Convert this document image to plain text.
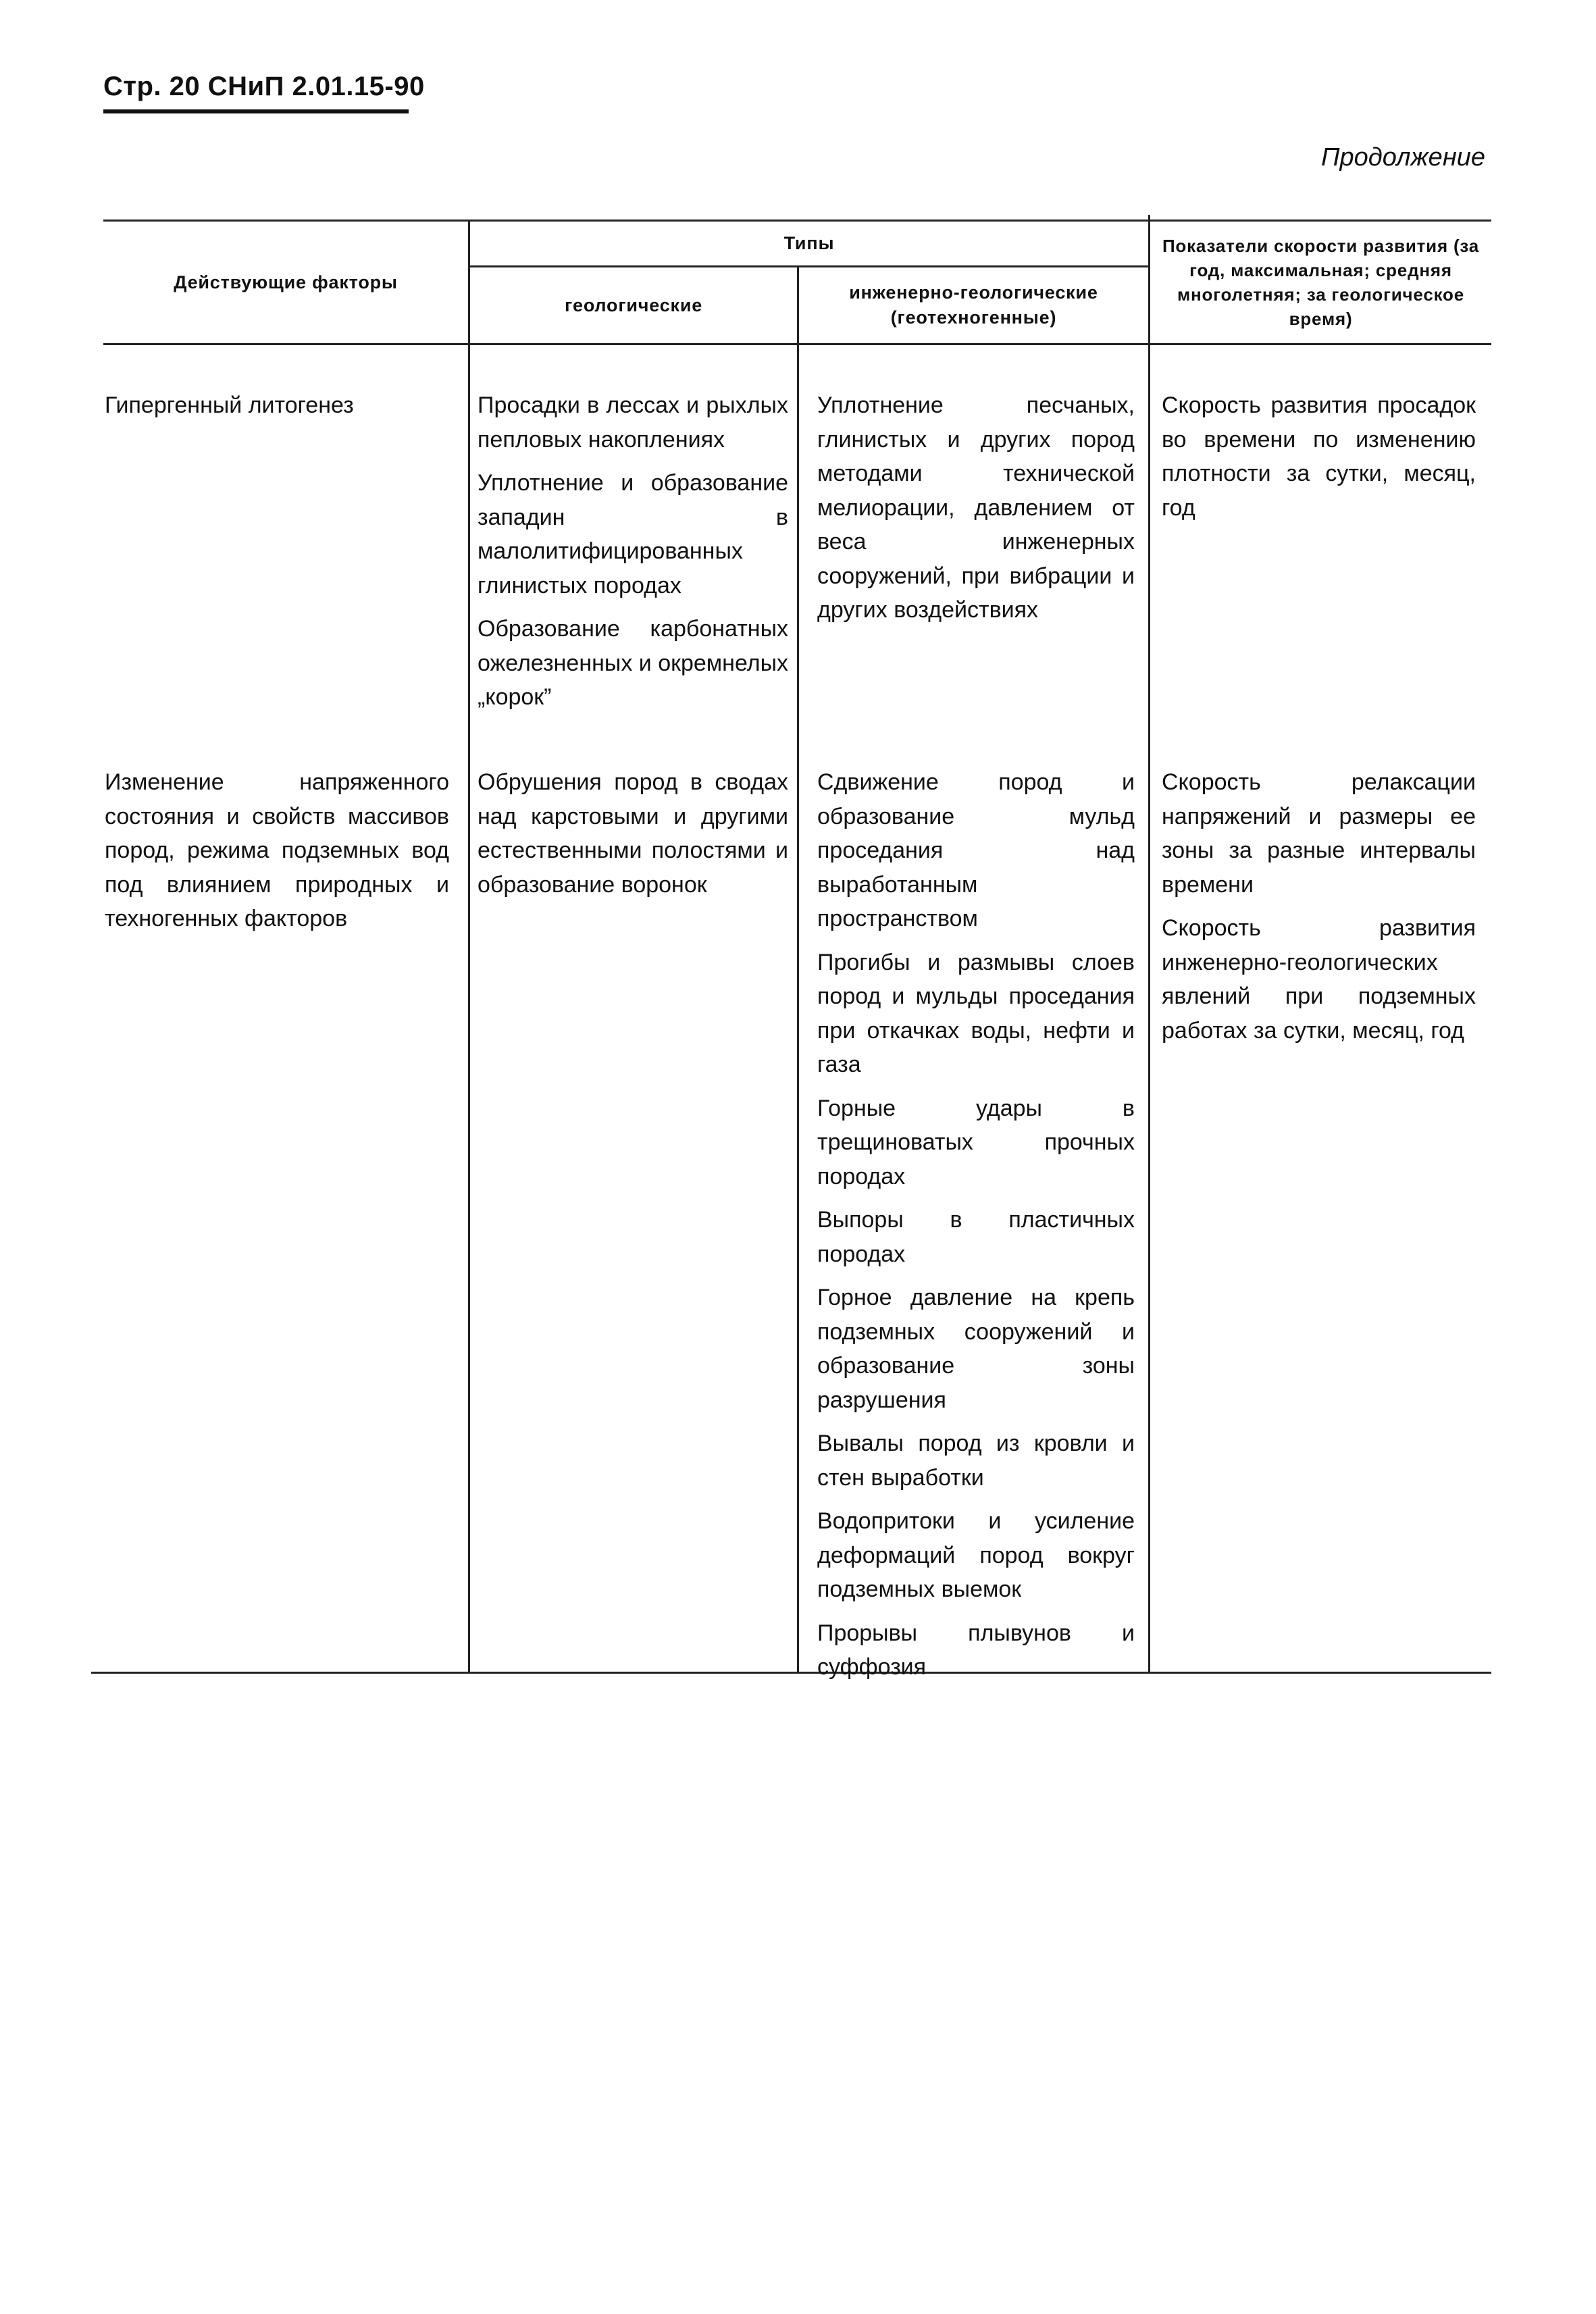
Стр. 20 СНиП 2.01.15-90
Продолжение
Действующие факторы
Типы
геологические
инженерно-геологические (геотехногенные)
Показатели скорости развития (за год, максимальная; средняя многолетняя; за геологическое время)
Гипергенный литогенез
Изменение напряженного состояния и свойств массивов пород, режима подземных вод под влиянием природных и техногенных факторов
Просадки в лессах и рыхлых пепловых накоплениях
Уплотнение и образование западин в малолитифицированных глинистых породах
Образование карбонатных ожелезненных и окремнелых „корок”
Обрушения пород в сводах над карстовыми и другими естественными полостями и образование воронок
Уплотнение песчаных, глинистых и других пород методами технической мелиорации, давлением от веса инженерных сооружений, при вибрации и других воздействиях
Сдвижение пород и образование мульд проседания над выработанным пространством
Прогибы и размывы слоев пород и мульды проседания при откачках воды, нефти и газа
Горные удары в трещиноватых прочных породах
Выпоры в пластичных породах
Горное давление на крепь подземных сооружений и образование зоны разрушения
Вывалы пород из кровли и стен выработки
Водопритоки и усиление деформаций пород вокруг подземных выемок
Прорывы плывунов и суффозия
Скорость развития просадок во времени по изменению плотности за сутки, месяц, год
Скорость релаксации напряжений и размеры ее зоны за разные интервалы времени
Скорость развития инженерно-геологических явлений при подземных работах за сутки, месяц, год
